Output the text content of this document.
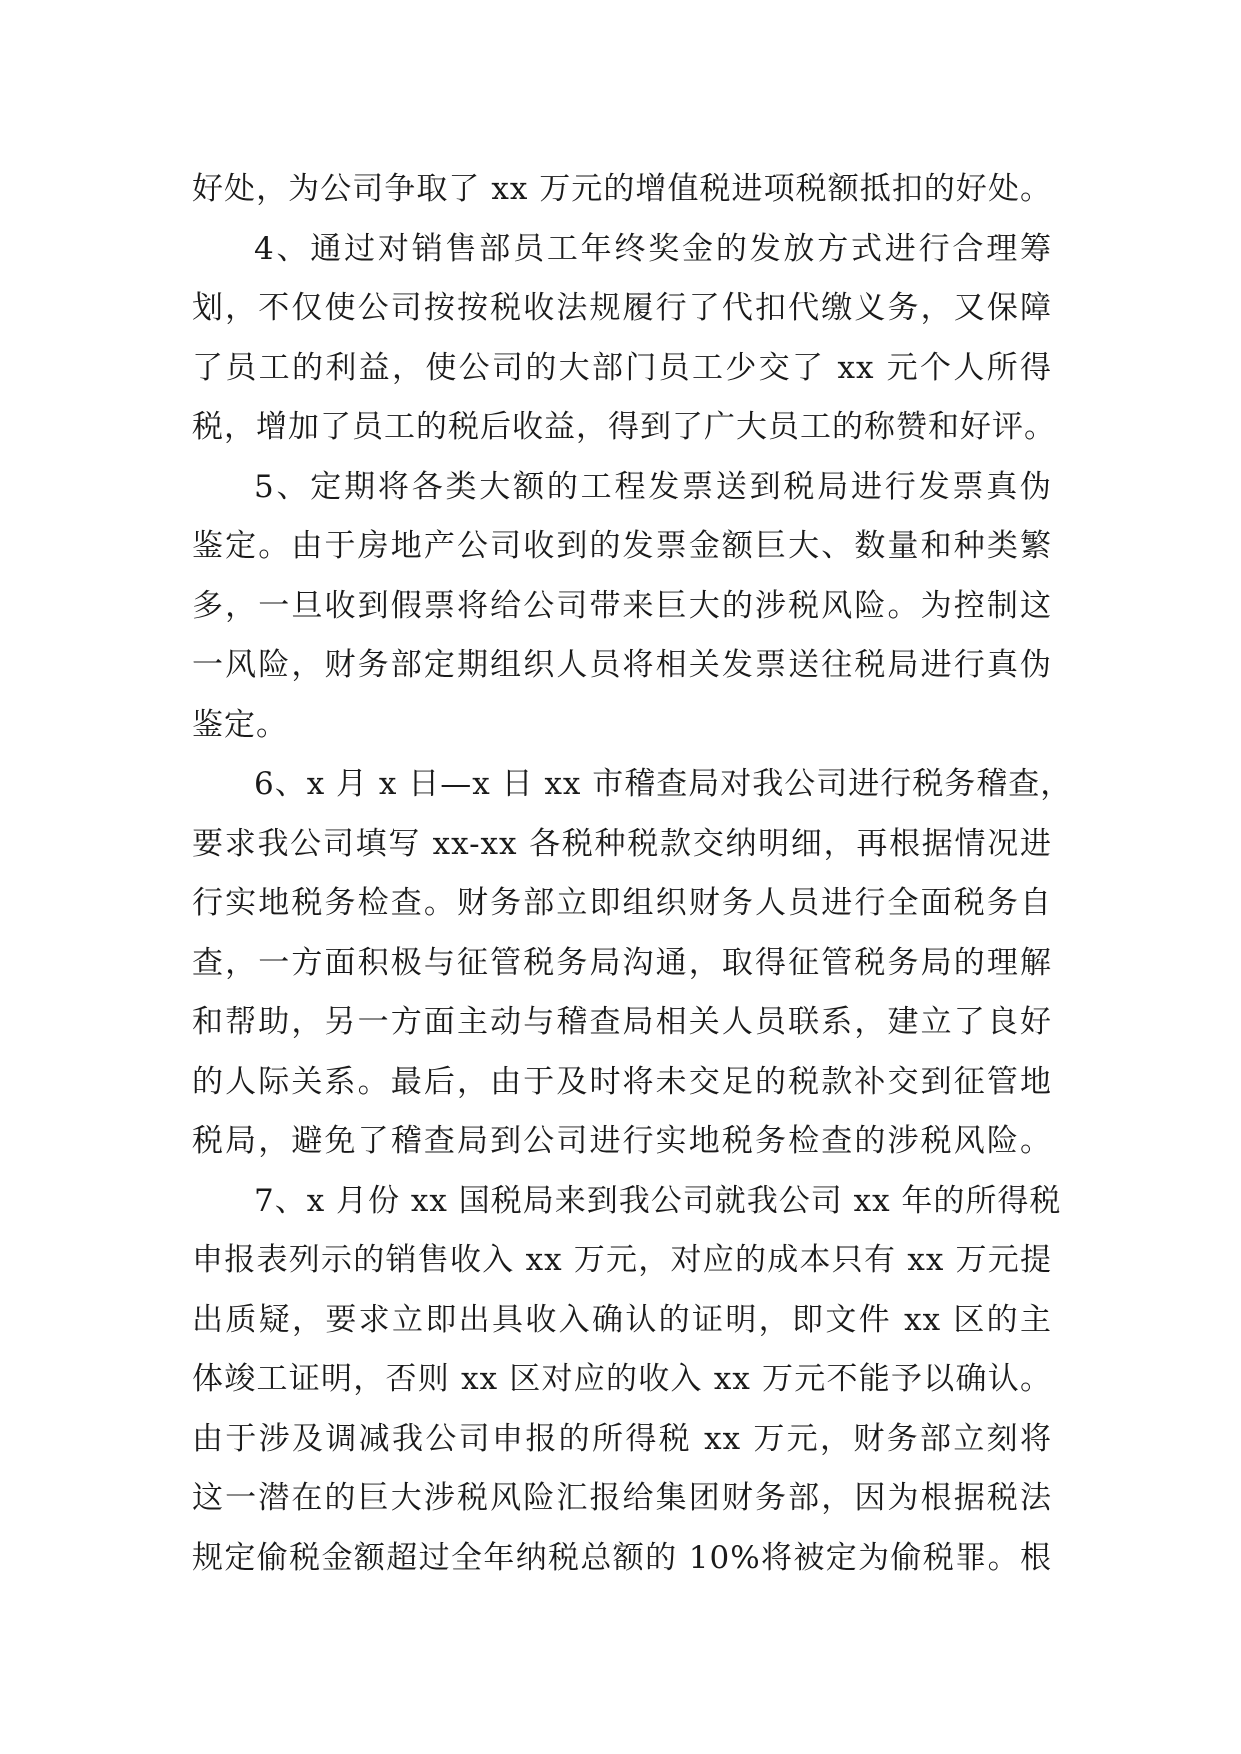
好处，为公司争取了 xx 万元的增值税进项税额抵扣的好处。
4、通过对销售部员工年终奖金的发放方式进行合理筹
划，不仅使公司按按税收法规履行了代扣代缴义务，又保障
了员工的利益，使公司的大部门员工少交了 xx 元个人所得
税，增加了员工的税后收益，得到了广大员工的称赞和好评。
5、定期将各类大额的工程发票送到税局进行发票真伪
鉴定。由于房地产公司收到的发票金额巨大、数量和种类繁
多，一旦收到假票将给公司带来巨大的涉税风险。为控制这
一风险，财务部定期组织人员将相关发票送往税局进行真伪
鉴定。
6、x 月 x 日—x 日 xx 市稽查局对我公司进行税务稽查，
要求我公司填写 xx-xx 各税种税款交纳明细，再根据情况进
行实地税务检查。财务部立即组织财务人员进行全面税务自
查，一方面积极与征管税务局沟通，取得征管税务局的理解
和帮助，另一方面主动与稽查局相关人员联系，建立了良好
的人际关系。最后，由于及时将未交足的税款补交到征管地
税局，避免了稽查局到公司进行实地税务检查的涉税风险。
7、x 月份 xx 国税局来到我公司就我公司 xx 年的所得税
申报表列示的销售收入 xx 万元，对应的成本只有 xx 万元提
出质疑，要求立即出具收入确认的证明，即文件 xx 区的主
体竣工证明，否则 xx 区对应的收入 xx 万元不能予以确认。
由于涉及调减我公司申报的所得税 xx 万元，财务部立刻将
这一潜在的巨大涉税风险汇报给集团财务部，因为根据税法
规定偷税金额超过全年纳税总额的 10%将被定为偷税罪。根
